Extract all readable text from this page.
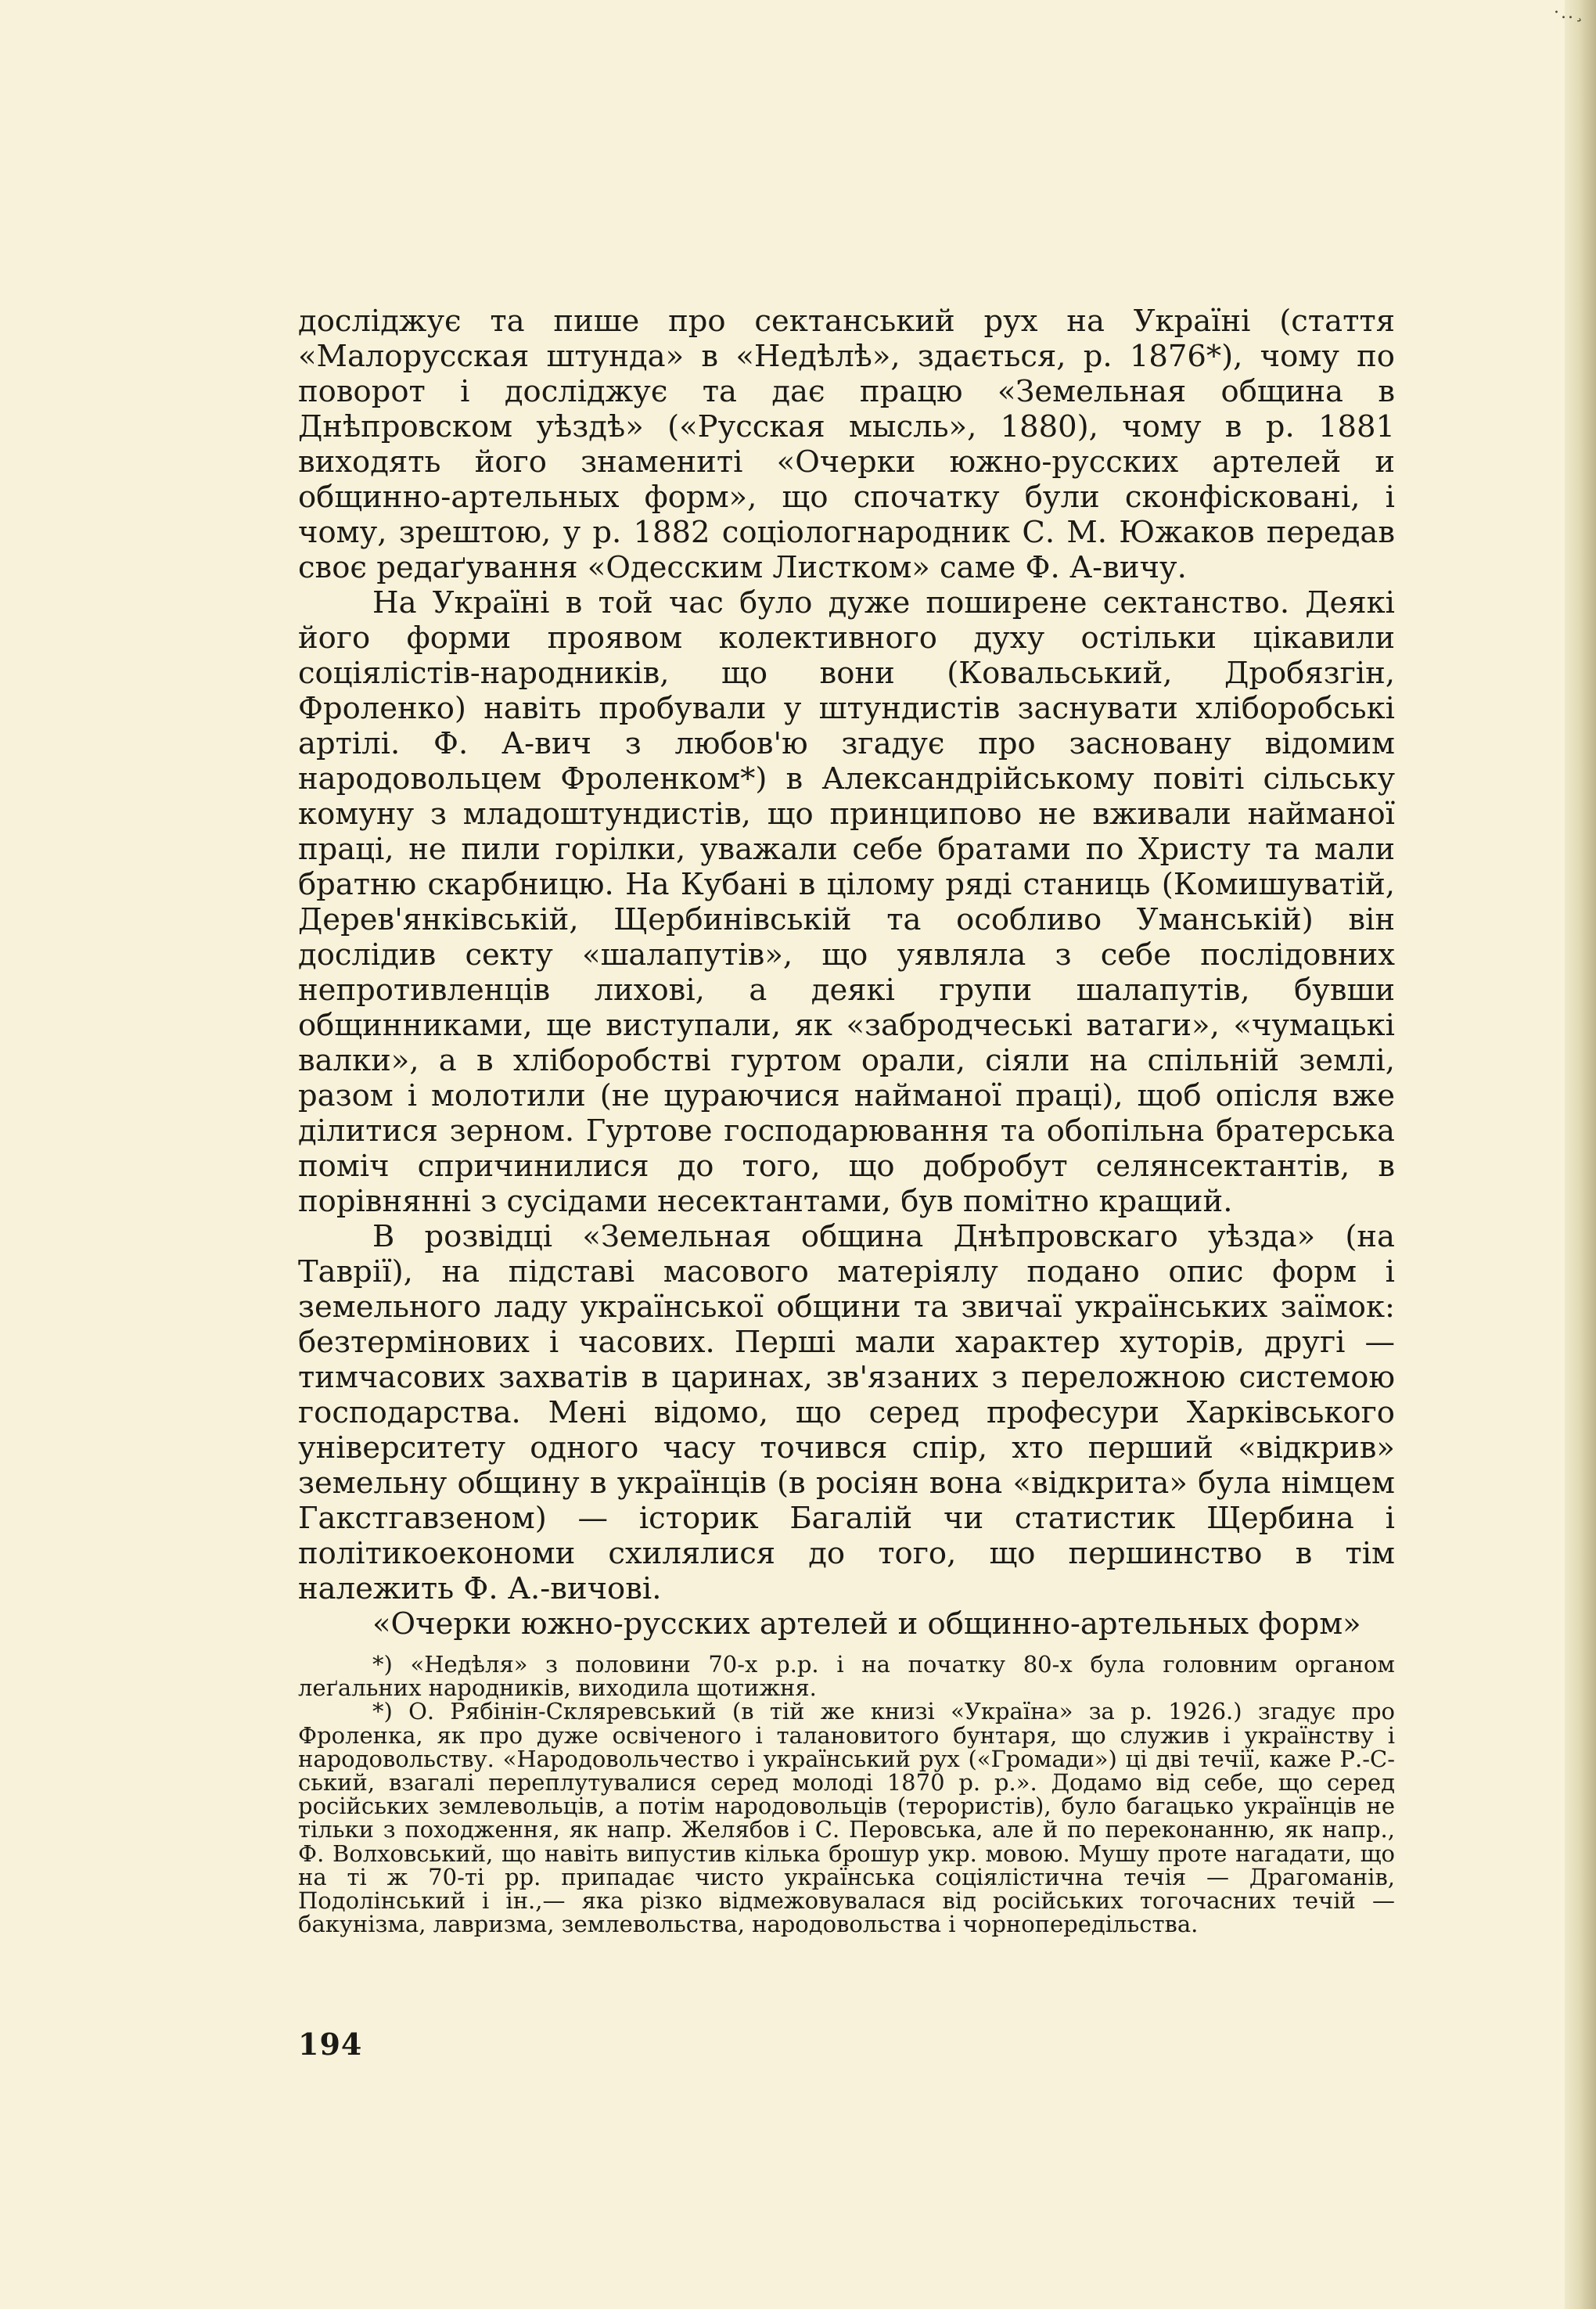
·..¸

досліджує та пише про сектанський рух на Україні (стаття «Малорусская штунда» в «Недѣлѣ», здається, р. 1876*), чому по поворот і досліджує та дає працю «Земельная община в Днѣпровском уѣздѣ» («Русская мысль», 1880), чому в р. 1881 виходять його знамениті «Очерки южно-русских артелей и общинно-артельных форм», що спочатку були сконфісковані, і чому, зрештою, у р. 1882 соціологнародник С. М. Южаков передав своє редаґування «Одесским Листком» саме Ф. А-вичу.

На Україні в той час було дуже поширене сектанство. Деякі його форми проявом колективного духу остільки цікавили соціялістів-народників, що вони (Ковальський, Дробязгін, Фроленко) навіть пробували у штундистів заснувати хліборобські артілі. Ф. А-вич з любов'ю згадує про засновану відомим народовольцем Фроленком*) в Александрійському повіті сільську комуну з младоштундистів, що принципово не вживали найманої праці, не пили горілки, уважали себе братами по Христу та мали братню скарбницю. На Кубані в цілому ряді станиць (Комишуватій, Дерев'янківській, Щербинівській та особливо Уманській) він дослідив секту «шалапутів», що уявляла з себе послідовних непротивленців лихові, а деякі групи шалапутів, бувши общинниками, ще виступали, як «забродчеські ватаги», «чумацькі валки», а в хліборобстві гуртом орали, сіяли на спільній землі, разом і молотили (не цураючися найманої праці), щоб опісля вже ділитися зерном. Гуртове господарювання та обопільна братерська поміч спричинилися до того, що добробут селянсектантів, в порівнянні з сусідами несектантами, був помітно кращий.

В розвідці «Земельная община Днѣпровскаго уѣзда» (на Таврії), на підставі масового матеріялу подано опис форм і земельного ладу української общини та звичаї українських заїмок: безтермінових і часових. Перші мали характер хуторів, другі — тимчасових захватів в царинах, зв'язаних з переложною системою господарства. Мені відомо, що серед професури Харківського університету одного часу точився спір, хто перший «відкрив» земельну общину в українців (в росіян вона «відкрита» була німцем Гакстгавзеном) — історик Багалій чи статистик Щербина і політикоекономи схилялися до того, що першинство в тім належить Ф. А.-вичові.

«Очерки южно-русских артелей и общинно-артельных форм»

*) «Недѣля» з половини 70-х р.р. і на початку 80-х була головним органом леґальних народників, виходила щотижня.

*) О. Рябінін-Скляревський (в тій же книзі «Україна» за р. 1926.) згадує про Фроленка, як про дуже освіченого і талановитого бунтаря, що служив і українству і народовольству. «Народовольчество і український рух («Громади») ці дві течії, каже Р.-С-ський, взагалі переплутувалися серед молоді 1870 р. р.». Додамо від себе, що серед російських землевольців, а потім народовольців (терористів), було багацько українців не тільки з походження, як напр. Желябов і С. Перовська, але й по переконанню, як напр., Ф. Волховський, що навіть випустив кілька брошур укр. мовою. Мушу проте нагадати, що на ті ж 70-ті рр. припадає чисто українська соціялістична течія — Драгоманів, Подолінський і ін.,— яка різко відмежовувалася від російських тогочасних течій — бакунізма, лавризма, землевольства, народовольства і чорнопередільства.

194
